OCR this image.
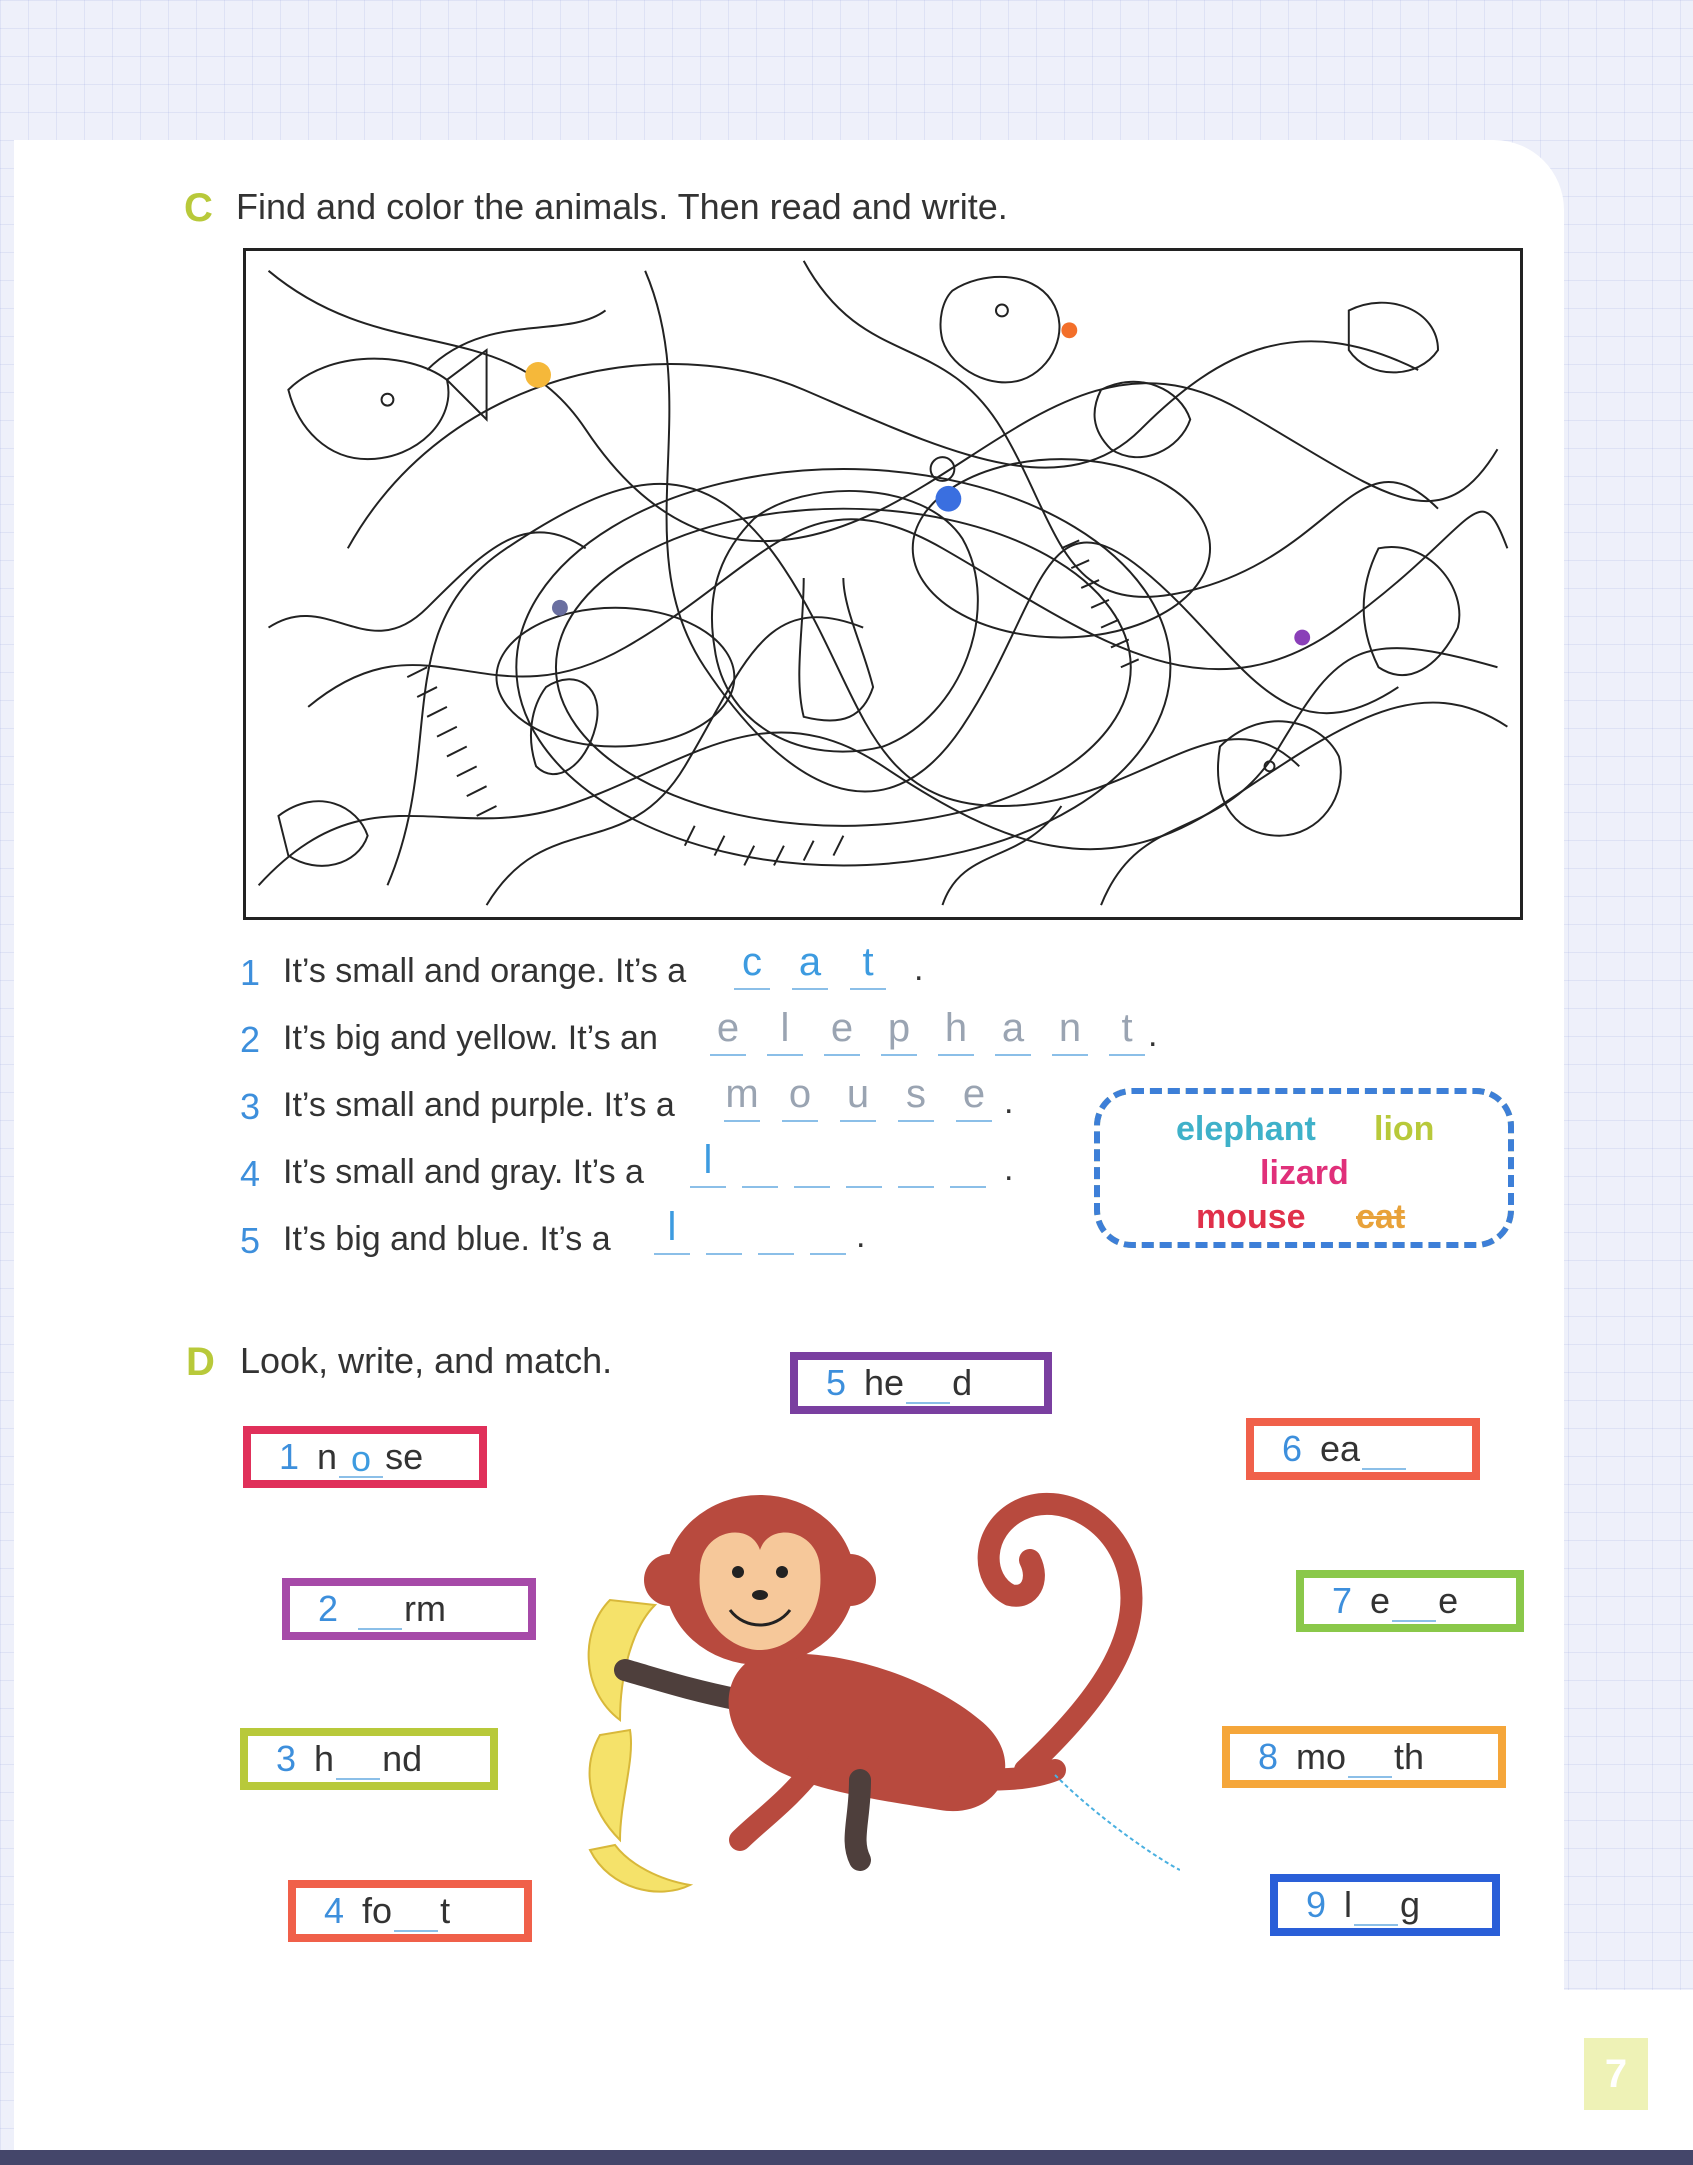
7
C Find and color the animals. Then read and write.
1 It’s small and orange. It’s a c a	t	.
2 It’s big and yellow. It’s an e	l	e p h a n	t .
3 It’s small and purple. It’s a m o u s e .
4 It’s small and gray. It’s a	l	.
5 It’s big and blue. It’s a	l	.
elephant lion
lizard
mouse cat
D Look, write, and match.
1 n o se
2 rm
3 h nd
4 fo t
5 he d
6 ea
7 e e
8 mo th
9 l g
